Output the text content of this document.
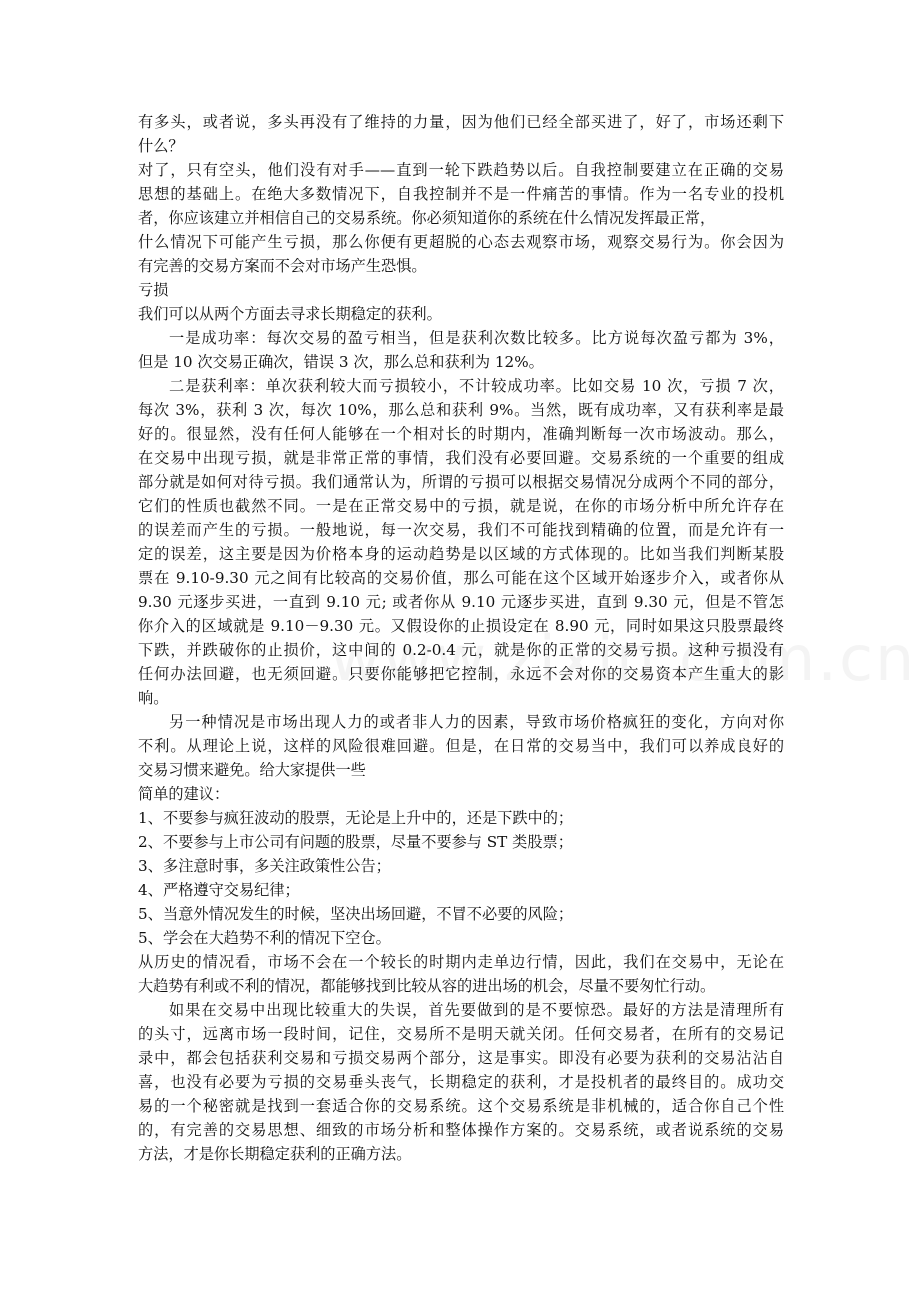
有多头，或者说，多头再没有了维持的力量，因为他们已经全部买进了，好了，市场还剩下
什么？
对了，只有空头，他们没有对手——直到一轮下跌趋势以后。自我控制要建立在正确的交易
思想的基础上。在绝大多数情况下，自我控制并不是一件痛苦的事情。作为一名专业的投机
者，你应该建立并相信自己的交易系统。你必须知道你的系统在什么情况发挥最正常，
什么情况下可能产生亏损，那么你便有更超脱的心态去观察市场，观察交易行为。你会因为
有完善的交易方案而不会对市场产生恐惧。
亏损
我们可以从两个方面去寻求长期稳定的获利。
一是成功率：每次交易的盈亏相当，但是获利次数比较多。比方说每次盈亏都为 3%，
但是 10 次交易正确次，错误 3 次，那么总和获利为 12%。
二是获利率：单次获利较大而亏损较小，不计较成功率。比如交易 10 次，亏损 7 次，
每次 3%，获利 3 次，每次 10%，那么总和获利 9%。当然，既有成功率，又有获利率是最
好的。很显然，没有任何人能够在一个相对长的时期内，准确判断每一次市场波动。那么，
在交易中出现亏损，就是非常正常的事情，我们没有必要回避。交易系统的一个重要的组成
部分就是如何对待亏损。我们通常认为，所谓的亏损可以根据交易情况分成两个不同的部分，
它们的性质也截然不同。一是在正常交易中的亏损，就是说，在你的市场分析中所允许存在
的误差而产生的亏损。一般地说，每一次交易，我们不可能找到精确的位置，而是允许有一
定的误差，这主要是因为价格本身的运动趋势是以区域的方式体现的。比如当我们判断某股
票在 9.10-9.30 元之间有比较高的交易价值，那么可能在这个区域开始逐步介入，或者你从
9.30 元逐步买进，一直到 9.10 元; 或者你从 9.10 元逐步买进，直到 9.30 元，但是不管怎
你介入的区域就是 9.10－9.30 元。又假设你的止损设定在 8.90 元，同时如果这只股票最终
下跌，并跌破你的止损价，这中间的 0.2-0.4 元，就是你的正常的交易亏损。这种亏损没有
任何办法回避，也无须回避。只要你能够把它控制，永远不会对你的交易资本产生重大的影
响。
另一种情况是市场出现人力的或者非人力的因素，导致市场价格疯狂的变化，方向对你
不利。从理论上说，这样的风险很难回避。但是，在日常的交易当中，我们可以养成良好的
交易习惯来避免。给大家提供一些
简单的建议：
1、不要参与疯狂波动的股票，无论是上升中的，还是下跌中的；
2、不要参与上市公司有问题的股票，尽量不要参与 ST 类股票；
3、多注意时事，多关注政策性公告；
4、严格遵守交易纪律；
5、当意外情况发生的时候，坚决出场回避，不冒不必要的风险；
5、学会在大趋势不利的情况下空仓。
从历史的情况看，市场不会在一个较长的时期内走单边行情，因此，我们在交易中，无论在
大趋势有利或不利的情况，都能够找到比较从容的进出场的机会，尽量不要匆忙行动。
如果在交易中出现比较重大的失误，首先要做到的是不要惊恐。最好的方法是清理所有
的头寸，远离市场一段时间，记住，交易所不是明天就关闭。任何交易者，在所有的交易记
录中，都会包括获利交易和亏损交易两个部分，这是事实。即没有必要为获利的交易沾沾自
喜，也没有必要为亏损的交易垂头丧气，长期稳定的获利，才是投机者的最终目的。成功交
易的一个秘密就是找到一套适合你的交易系统。这个交易系统是非机械的，适合你自己个性
的，有完善的交易思想、细致的市场分析和整体操作方案的。交易系统，或者说系统的交易
方法，才是你长期稳定获利的正确方法。
